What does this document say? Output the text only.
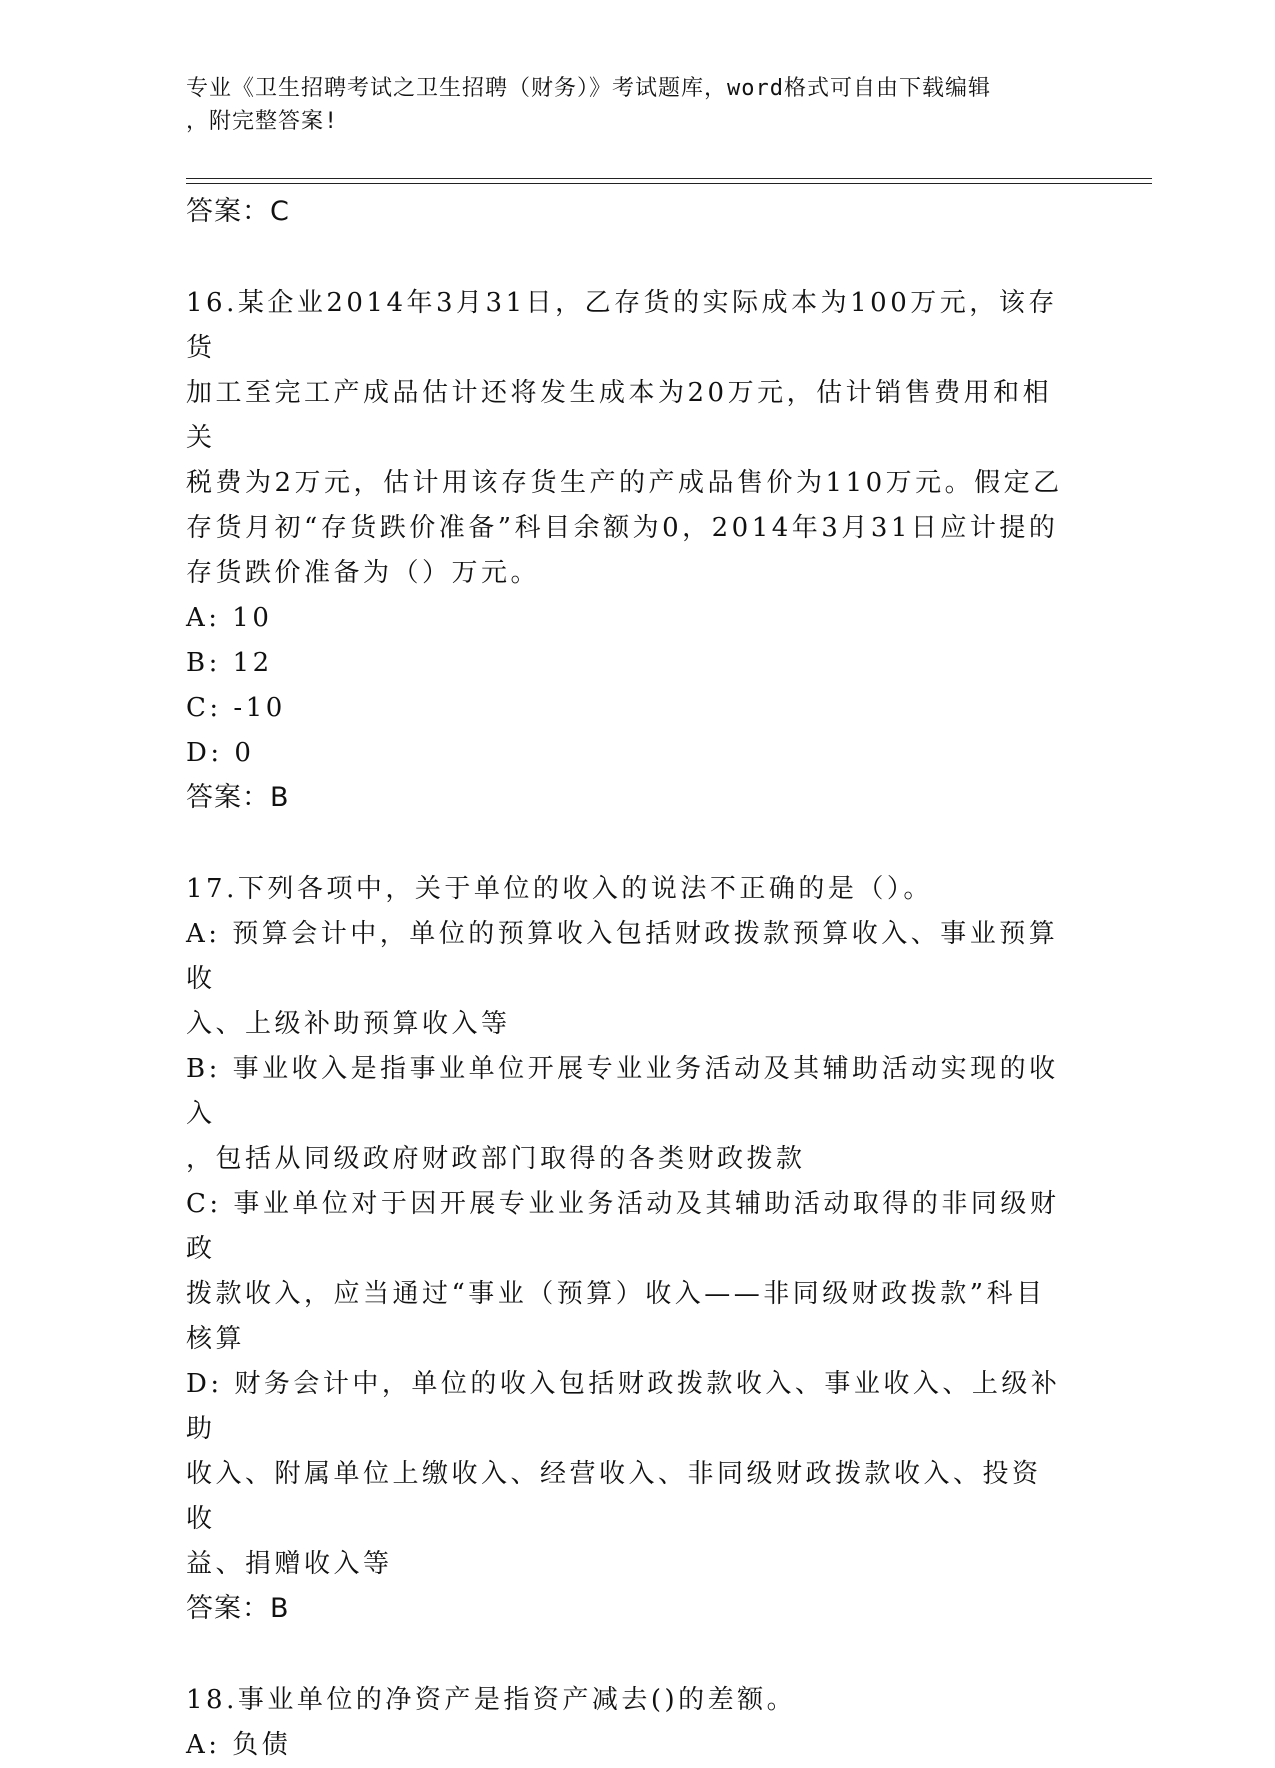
专业《卫生招聘考试之卫生招聘（财务）》考试题库，word格式可自由下载编辑
，附完整答案!

答案：C

16.某企业2014年3月31日，乙存货的实际成本为100万元，该存货

加工至完工产成品估计还将发生成本为20万元，估计销售费用和相关

税费为2万元，估计用该存货生产的产成品售价为110万元。假定乙

存货月初“存货跌价准备”科目余额为0，2014年3月31日应计提的

存货跌价准备为（）万元。

A: 10

B: 12

C: -10

D: 0

答案：B

17.下列各项中，关于单位的收入的说法不正确的是（）。

A: 预算会计中，单位的预算收入包括财政拨款预算收入、事业预算收

入、上级补助预算收入等

B: 事业收入是指事业单位开展专业业务活动及其辅助活动实现的收入

，包括从同级政府财政部门取得的各类财政拨款

C: 事业单位对于因开展专业业务活动及其辅助活动取得的非同级财政

拨款收入，应当通过“事业（预算）收入——非同级财政拨款”科目

核算

D: 财务会计中，单位的收入包括财政拨款收入、事业收入、上级补助

收入、附属单位上缴收入、经营收入、非同级财政拨款收入、投资收

益、捐赠收入等

答案：B

18.事业单位的净资产是指资产减去()的差额。

A: 负债
